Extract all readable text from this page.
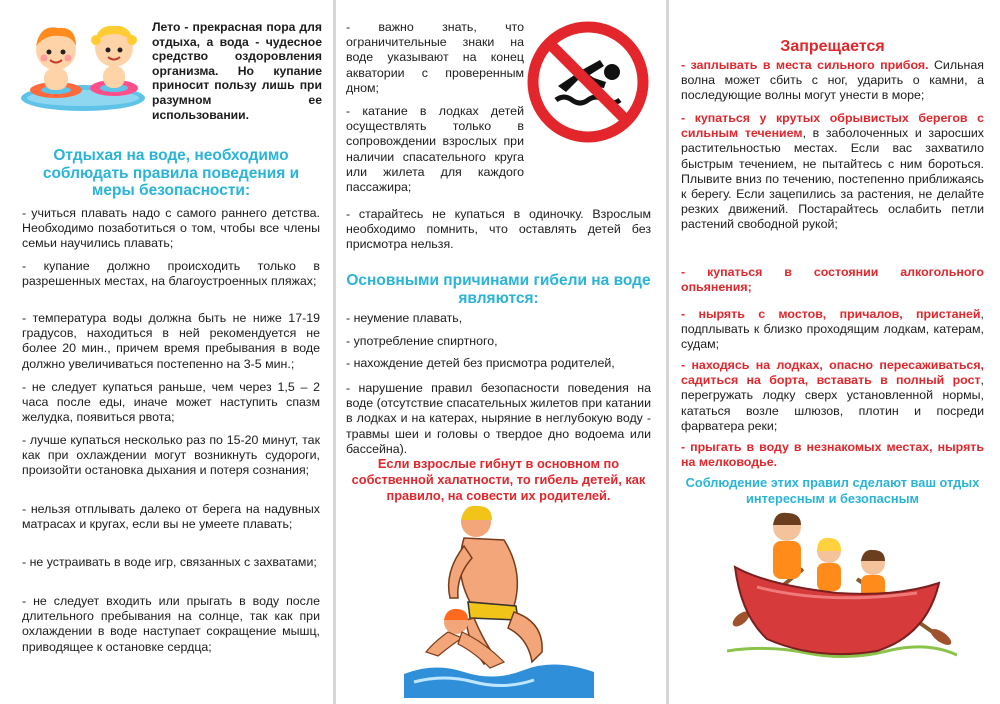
Лето - прекрасная пора для отдыха, а вода - чудесное средство оздоровления организма. Но купание приносит пользу лишь при разумном ее использовании.
Отдыхая на воде, необходимо соблюдать правила поведения и меры безопасности:

- учиться плавать надо с самого раннего детства. Необходимо позаботиться о том, чтобы все члены семьи научились плавать;

- купание должно происходить только в разрешенных местах, на благоустроенных пляжах;

- температура воды должна быть не ниже 17-19 градусов, находиться в ней рекомендуется не более 20 мин., причем время пребывания в воде должно увеличиваться постепенно на 3-5 мин.;

- не следует купаться раньше, чем через 1,5 – 2 часа после еды, иначе может наступить спазм желудка, появиться рвота;

- лучше купаться несколько раз по 15-20 минут, так как при охлаждении могут возникнуть судороги, произойти остановка дыхания и потеря сознания;

- нельзя отплывать далеко от берега на надувных матрасах и кругах, если вы не умеете плавать;

- не устраивать в воде игр, связанных с захватами;

- не следует входить или прыгать в воду после длительного пребывания на солнце, так как при охлаждении в воде наступает сокращение мышц, приводящее к остановке сердца;

- важно знать, что ограничительные знаки на воде указывают на конец акватории с проверенным дном;

- катание в лодках детей осуществлять только в сопровождении взрослых при наличии спасательного круга или жилета для каждого пассажира;

- старайтесь не купаться в одиночку. Взрослым необходимо помнить, что оставлять детей без присмотра нельзя.

Основными причинами гибели на воде являются:

- неумение плавать,

- употребление спиртного,

- нахождение детей без присмотра родителей,

- нарушение правил безопасности поведения на воде (отсутствие спасательных жилетов при катании в лодках и на катерах, ныряние в неглубокую воду - травмы шеи и головы о твердое дно водоема или бассейна).

Если взрослые гибнут в основном по собственной халатности, то гибель детей, как правило, на совести их родителей.

Запрещается

- заплывать в места сильного прибоя. Сильная волна может сбить с ног, ударить о камни, а последующие волны могут унести в море;

- купаться у крутых обрывистых берегов с сильным течением, в заболоченных и заросших растительностью местах. Если вас захватило быстрым течением, не пытайтесь с ним бороться. Плывите вниз по течению, постепенно приближаясь к берегу. Если зацепились за растения, не делайте резких движений. Постарайтесь ослабить петли растений свободной рукой;

- купаться в состоянии алкогольного опьянения;

- нырять с мостов, причалов, пристаней, подплывать к близко проходящим лодкам, катерам, судам;

- находясь на лодках, опасно пересаживаться, садиться на борта, вставать в полный рост, перегружать лодку сверх установленной нормы, кататься возле шлюзов, плотин и посреди фарватера реки;

- прыгать в воду в незнакомых местах, нырять на мелководье.

Соблюдение этих правил сделают ваш отдых интересным и безопасным
